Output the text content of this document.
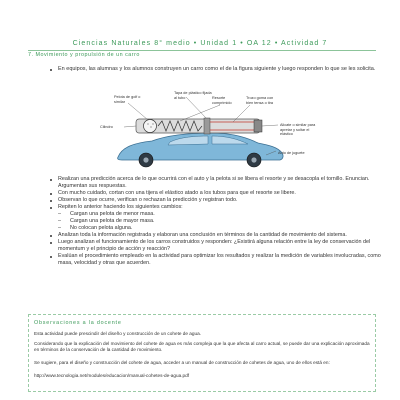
Ciencias Naturales 8° medio • Unidad 1 • OA 12 • Actividad 7
7. Movimiento y propulsión de un carro
En equipos, las alumnas y los alumnos construyen un carro como el de la figura siguiente y luego responden lo que se les solicita.
Pelota de golf o similar
Tapa de plástico fijada al tubo	Resorte comprimido
Trozo goma con bien tensa o tira
Cilindro	Alicate o similar para apretar y soltar el elástico
Auto de juguete
Realizan una predicción acerca de lo que ocurrirá con el auto y la pelota si se libera el resorte y se desacopla el tornillo. Enuncian. Argumentan sus respuestas.
Con mucho cuidado, cortan con una tijera el elástico atado a los tubos para que el resorte se libere.
Observan lo que ocurre, verifican o rechazan la predicción y registran todo.
Repiten lo anterior haciendo los siguientes cambios:
– Cargan una pelota de menor masa.
– Cargan una pelota de mayor masa.
– No colocan pelota alguna.
Analizan toda la información registrada y elaboran una conclusión en términos de la cantidad de movimiento del sistema.
Luego analizan el funcionamiento de los carros construidos y responden: ¿Existirá alguna relación entre la ley de conservación del momentum y el principio de acción y reacción?
Evalúan el procedimiento empleado en la actividad para optimizar los resultados y realizar la medición de variables involucradas, como masa, velocidad y otras que acuerden.
Observaciones a la docente
Esta actividad puede prescindir del diseño y construcción de un cohete de agua.
Considerando que la explicación del movimiento del cohete de agua es más compleja que la que afecta al carro actual, se puede dar una explicación aproximada en términos de la conservación de la cantidad de movimiento.
Se sugiere, para el diseño y construcción del cohete de agua, acceder a un manual de construcción de cohetes de agua, uno de ellos está en:
http://www.tecnologia.net/modules/educacion/manual-cohetes-de-agua.pdf
